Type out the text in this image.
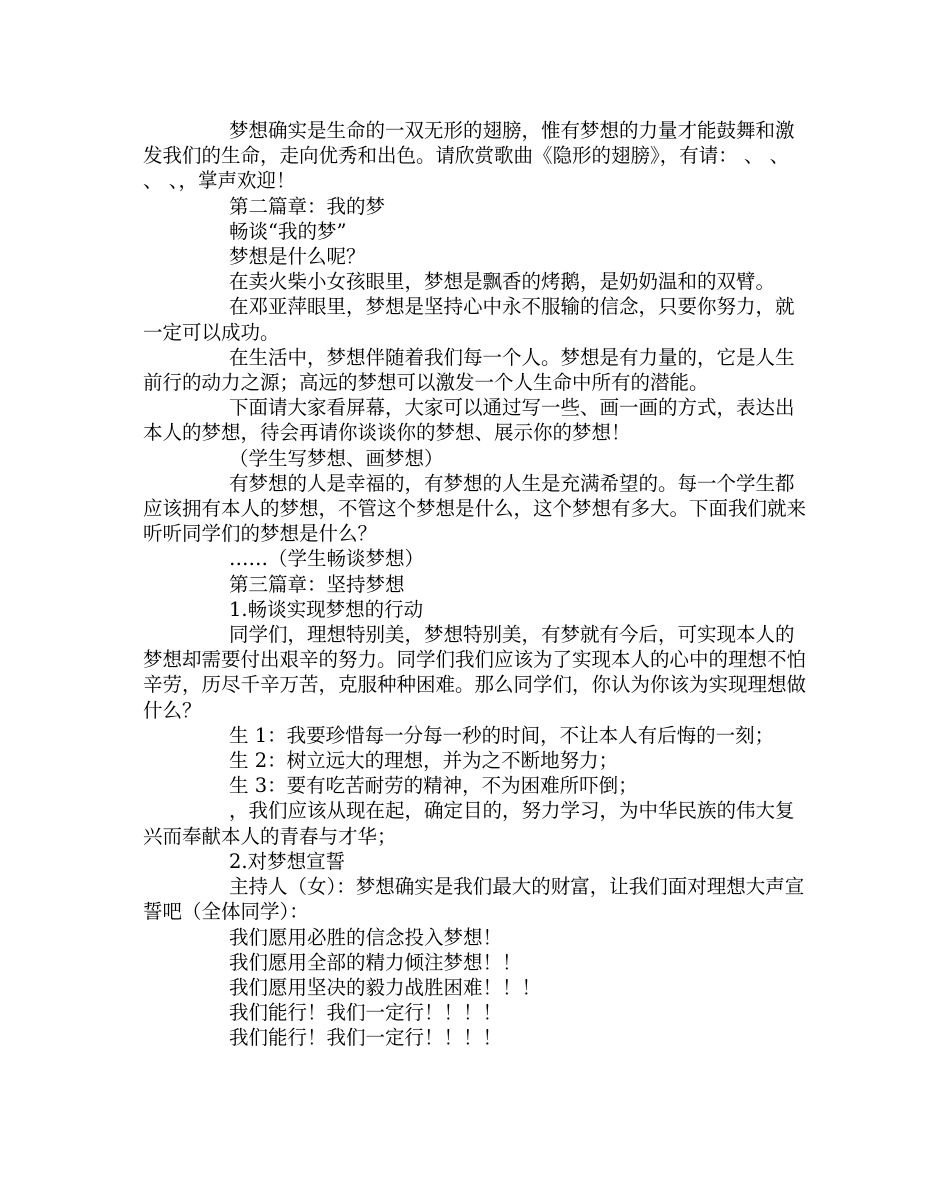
梦想确实是生命的一双无形的翅膀，惟有梦想的力量才能鼓舞和激发我们的生命，走向优秀和出色。请欣赏歌曲《隐形的翅膀》，有请： 、 、 、 、，掌声欢迎！

第二篇章：我的梦

畅谈“我的梦”

梦想是什么呢？

在卖火柴小女孩眼里，梦想是飘香的烤鹅，是奶奶温和的双臂。

在邓亚萍眼里，梦想是坚持心中永不服输的信念，只要你努力，就一定可以成功。

在生活中，梦想伴随着我们每一个人。梦想是有力量的，它是人生前行的动力之源；高远的梦想可以激发一个人生命中所有的潜能。

下面请大家看屏幕，大家可以通过写一些、画一画的方式，表达出本人的梦想，待会再请你谈谈你的梦想、展示你的梦想！

（学生写梦想、画梦想）

有梦想的人是幸福的，有梦想的人生是充满希望的。每一个学生都应该拥有本人的梦想，不管这个梦想是什么，这个梦想有多大。下面我们就来听听同学们的梦想是什么？

……（学生畅谈梦想）

第三篇章：坚持梦想

1.畅谈实现梦想的行动

同学们，理想特别美，梦想特别美，有梦就有今后，可实现本人的梦想却需要付出艰辛的努力。同学们我们应该为了实现本人的心中的理想不怕辛劳，历尽千辛万苦，克服种种困难。那么同学们，你认为你该为实现理想做什么？

生 1：我要珍惜每一分每一秒的时间，不让本人有后悔的一刻；

生 2：树立远大的理想，并为之不断地努力；

生 3：要有吃苦耐劳的精神，不为困难所吓倒；

，我们应该从现在起，确定目的，努力学习，为中华民族的伟大复兴而奉献本人的青春与才华；

2.对梦想宣誓

主持人（女）：梦想确实是我们最大的财富，让我们面对理想大声宣誓吧（全体同学）：

我们愿用必胜的信念投入梦想！

我们愿用全部的精力倾注梦想！！

我们愿用坚决的毅力战胜困难！！！

我们能行！我们一定行！！！！

我们能行！我们一定行！！！！
